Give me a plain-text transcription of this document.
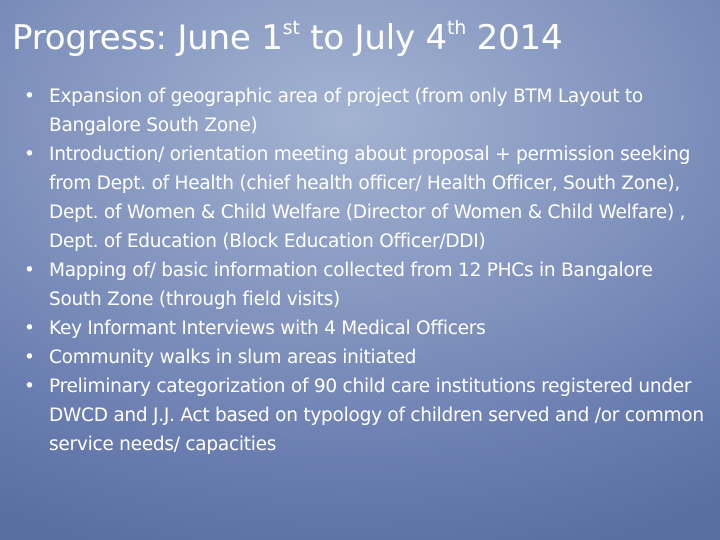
Progress: June 1st to July 4th 2014
• Expansion of geographic area of project (from only BTM Layout to Bangalore South Zone)
• Introduction/ orientation meeting about proposal + permission seeking from Dept. of Health (chief health officer/ Health Officer, South Zone), Dept. of Women & Child Welfare (Director of Women & Child Welfare) , Dept. of Education (Block Education Officer/DDI)
• Mapping of/ basic information collected from 12 PHCs in Bangalore South Zone (through field visits)
• Key Informant Interviews with 4 Medical Officers
• Community walks in slum areas initiated
• Preliminary categorization of 90 child care institutions registered under DWCD and J.J. Act based on typology of children served and /or common service needs/ capacities
